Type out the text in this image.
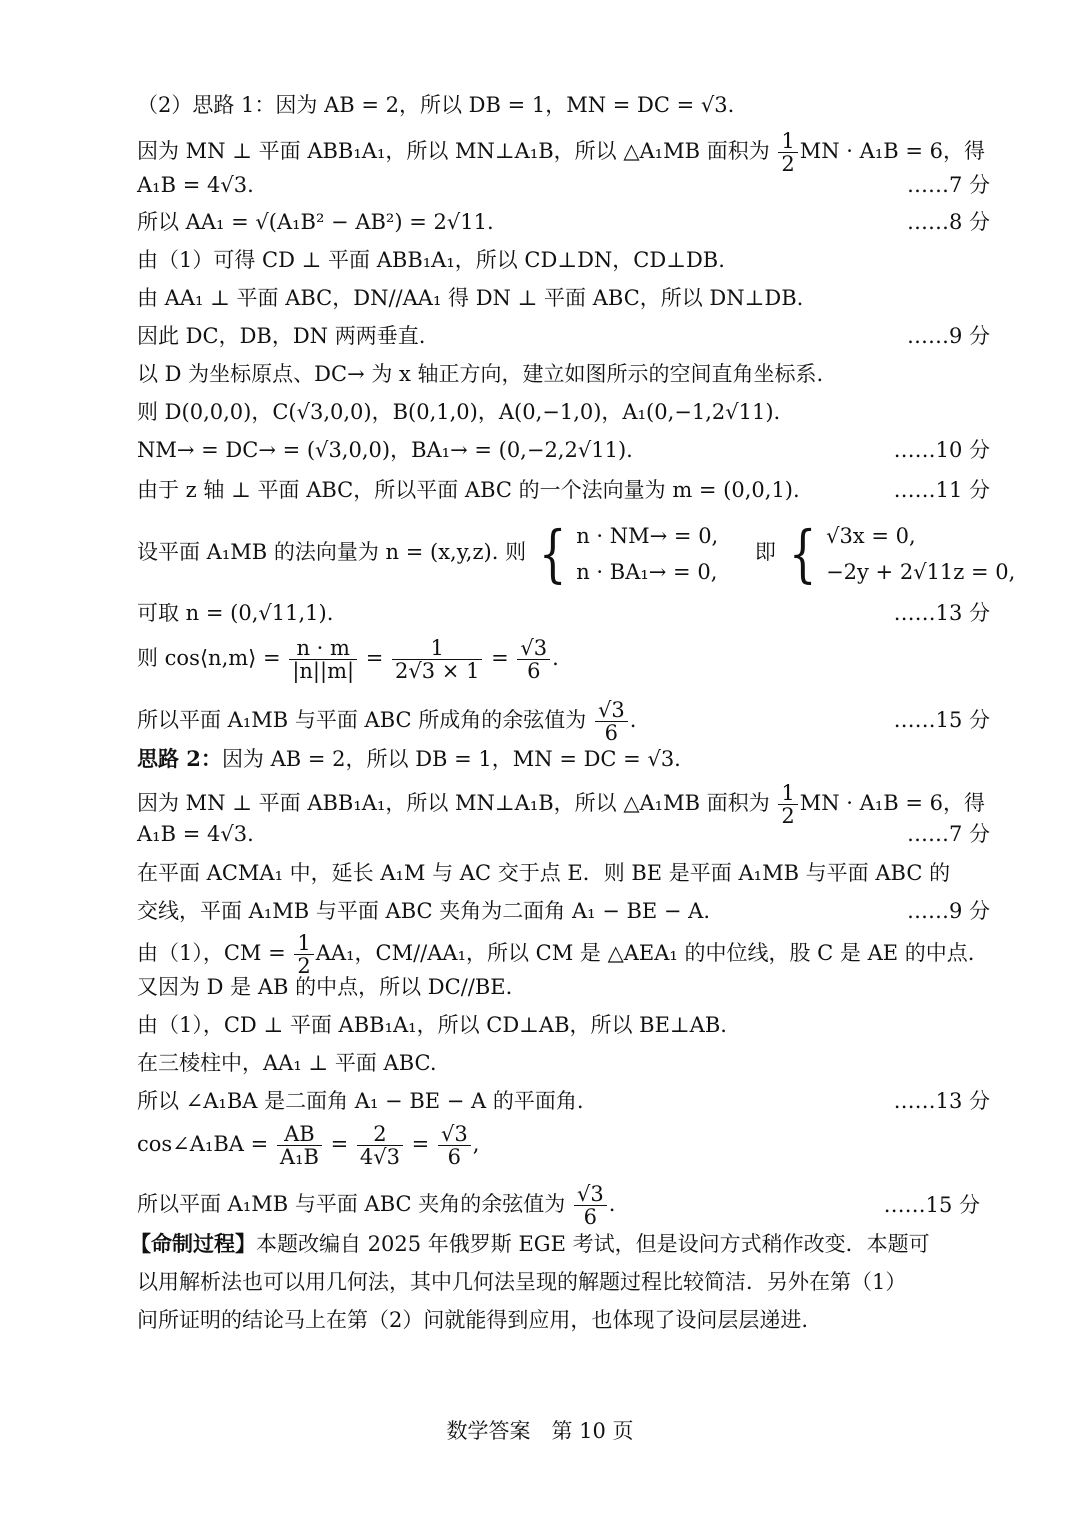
（2）思路 1：因为 AB = 2，所以 DB = 1，MN = DC = √3.
因为 MN ⊥ 平面 ABB₁A₁，所以 MN⊥A₁B，所以 △A₁MB 面积为 $\frac{1}{2}$ MN · A₁B = 6，得
A₁B = 4√3.	……7 分
所以 AA₁ = √(A₁B² − AB²) = 2√11.	……8 分
由（1）可得 CD ⊥ 平面 ABB₁A₁，所以 CD⊥DN，CD⊥DB.
由 AA₁ ⊥ 平面 ABC，DN//AA₁ 得 DN ⊥ 平面 ABC，所以 DN⊥DB.
因此 DC，DB，DN 两两垂直.	……9 分
以 D 为坐标原点、DC→ 为 x 轴正方向，建立如图所示的空间直角坐标系.
则 D(0,0,0)，C(√3,0,0)，B(0,1,0)，A(0,−1,0)，A₁(0,−1,2√11).
NM→ = DC→ = (√3,0,0)，BA₁→ = (0,−2,2√11).	……10 分
由于 z 轴 ⊥ 平面 ABC，所以平面 ABC 的一个法向量为 m = (0,0,1).	……11 分
设平面 A₁MB 的法向量为 n = (x,y,z). 则 { n · NM→ = 0,
n · BA₁→ = 0,
即 { √3x = 0,
−2y + 2√11z = 0,
可取 n = (0,√11,1).	……13 分
则 cos⟨n,m⟩ = $\frac{n \cdot m}{|n||m|} = \frac{1}{2√3 \times 1} = \frac{√3}{6}$ .
所以平面 A₁MB 与平面 ABC 所成角的余弦值为 $\frac{√3}{6}$ .	……15 分
思路 2：因为 AB = 2，所以 DB = 1，MN = DC = √3.
因为 MN ⊥ 平面 ABB₁A₁，所以 MN⊥A₁B，所以 △A₁MB 面积为 $\frac{1}{2}$ MN · A₁B = 6，得
A₁B = 4√3.	……7 分
在平面 ACMA₁ 中，延长 A₁M 与 AC 交于点 E．则 BE 是平面 A₁MB 与平面 ABC 的
交线，平面 A₁MB 与平面 ABC 夹角为二面角 A₁ − BE − A.	……9 分
由（1），CM = $\frac{1}{2} AA_1$，CM//AA₁，所以 CM 是 △AEA₁ 的中位线，股 C 是 AE 的中点.
又因为 D 是 AB 的中点，所以 DC//BE.
由（1），CD ⊥ 平面 ABB₁A₁，所以 CD⊥AB，所以 BE⊥AB.
在三棱柱中，AA₁ ⊥ 平面 ABC.
所以 ∠A₁BA 是二面角 A₁ − BE − A 的平面角.	……13 分
cos∠A₁BA = $\frac{AB}{\text{A₁B}} = \frac{2}{4√3} = \frac{√3}{6}$ ,
所以平面 A₁MB 与平面 ABC 夹角的余弦值为 $\frac{√3}{6}$ .	……15 分
【命制过程】本题改编自 2025 年俄罗斯 EGE 考试，但是设问方式稍作改变．本题可
以用解析法也可以用几何法，其中几何法呈现的解题过程比较简洁．另外在第（1）
问所证明的结论马上在第（2）问就能得到应用，也体现了设问层层递进.
数学答案　第 10 页
